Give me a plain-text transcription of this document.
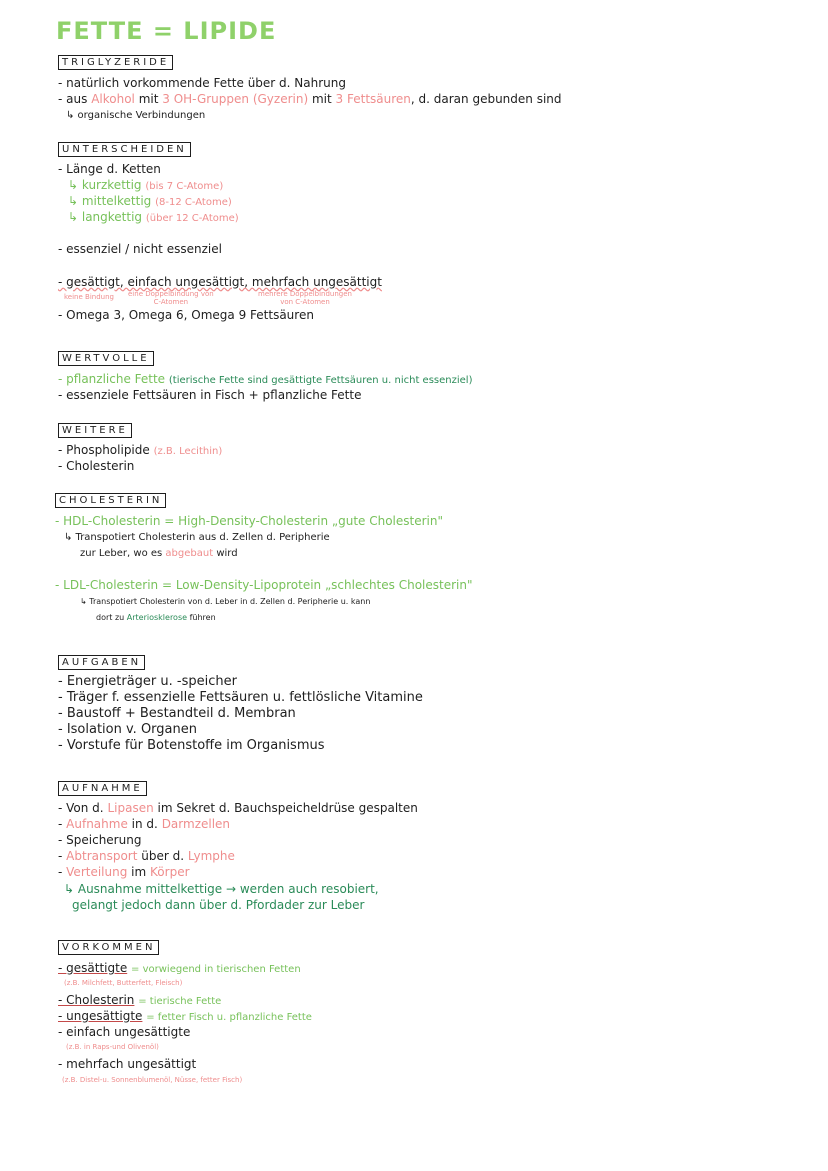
FETTE = LIPIDE
TRIGLYZERIDE
- natürlich vorkommende Fette über d. Nahrung
- aus Alkohol mit 3 OH-Gruppen (Gyzerin) mit 3 Fettsäuren, d. daran gebunden sind
↳ organische Verbindungen
UNTERSCHEIDEN
- Länge d. Ketten
↳ kurzkettig (bis 7 C-Atome)
↳ mittelkettig (8-12 C-Atome)
↳ langkettig (über 12 C-Atome)
- essenziel / nicht essenziel
- gesättigt, einfach ungesättigt, mehrfach ungesättigt
keine Bindung eine Doppelbindung von
C-Atomen
mehrere Doppelbindungen
von C-Atomen
- Omega 3, Omega 6, Omega 9 Fettsäuren
WERTVOLLE
- pflanzliche Fette (tierische Fette sind gesättigte Fettsäuren u. nicht essenziel)
- essenziele Fettsäuren in Fisch + pflanzliche Fette
WEITERE
- Phospholipide (z.B. Lecithin)
- Cholesterin
CHOLESTERIN
- HDL-Cholesterin = High-Density-Cholesterin „gute Cholesterin"
↳ Transpotiert Cholesterin aus d. Zellen d. Peripherie
zur Leber, wo es abgebaut wird
- LDL-Cholesterin = Low-Density-Lipoprotein „schlechtes Cholesterin"
↳ Transpotiert Cholesterin von d. Leber in d. Zellen d. Peripherie u. kann
dort zu Arteriosklerose führen
AUFGABEN
- Energieträger u. -speicher
- Träger f. essenzielle Fettsäuren u. fettlösliche Vitamine
- Baustoff + Bestandteil d. Membran
- Isolation v. Organen
- Vorstufe für Botenstoffe im Organismus
AUFNAHME
- Von d. Lipasen im Sekret d. Bauchspeicheldrüse gespalten
- Aufnahme in d. Darmzellen
- Speicherung
- Abtransport über d. Lymphe
- Verteilung im Körper
↳ Ausnahme mittelkettige → werden auch resobiert,
gelangt jedoch dann über d. Pfordader zur Leber
VORKOMMEN
- gesättigte = vorwiegend in tierischen Fetten
(z.B. Milchfett, Butterfett, Fleisch)
- Cholesterin = tierische Fette
- ungesättigte = fetter Fisch u. pflanzliche Fette
- einfach ungesättigte
(z.B. in Raps-und Olivenöl)
- mehrfach ungesättigt
(z.B. Distel-u. Sonnenblumenöl, Nüsse, fetter Fisch)
